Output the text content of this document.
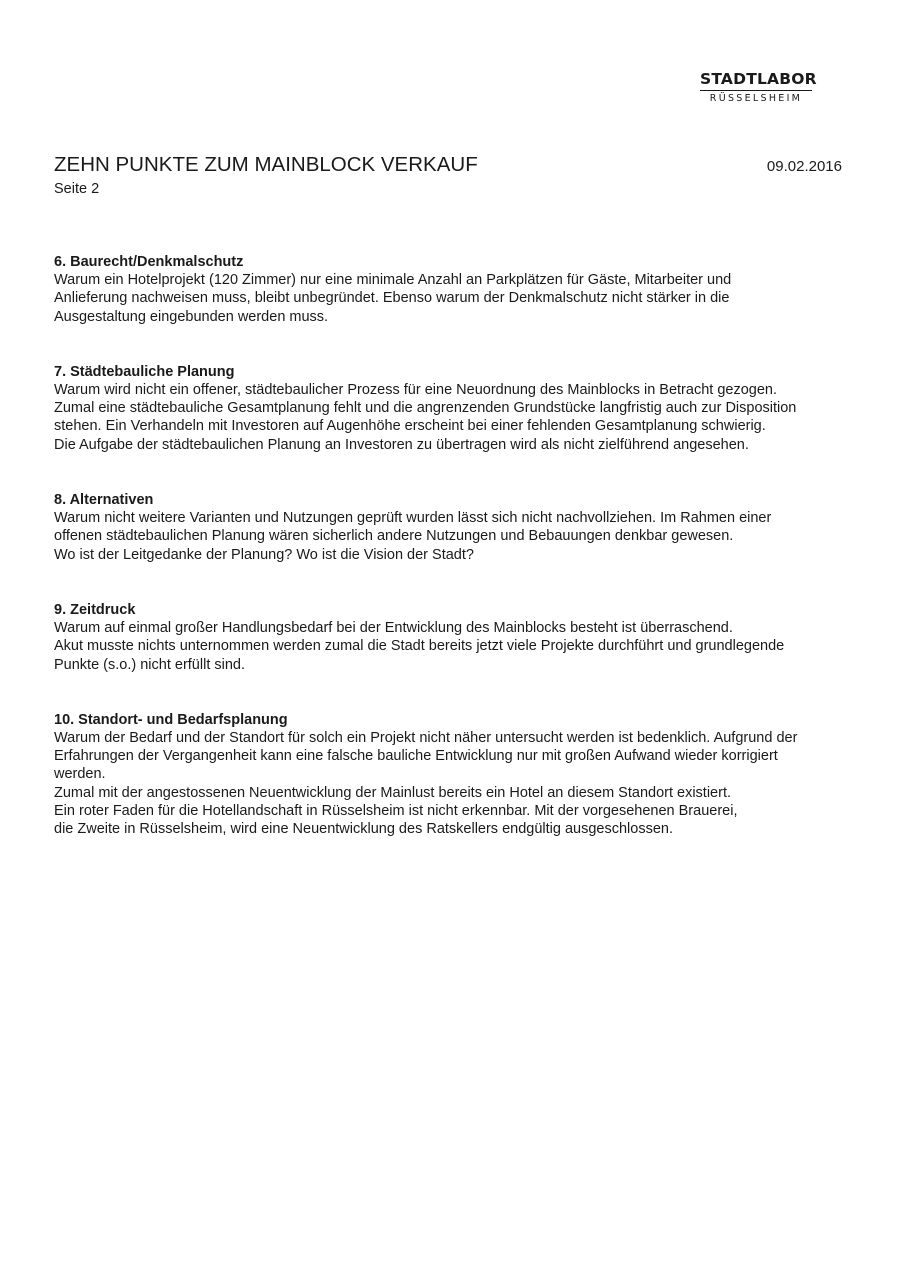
STADTLABOR
RÜSSELSHEIM
ZEHN PUNKTE ZUM MAINBLOCK VERKAUF	09.02.2016
Seite 2
6. Baurecht/Denkmalschutz
Warum ein Hotelprojekt (120 Zimmer) nur eine minimale Anzahl an Parkplätzen für Gäste, Mitarbeiter und
Anlieferung nachweisen muss, bleibt unbegründet. Ebenso warum der Denkmalschutz nicht stärker in die
Ausgestaltung eingebunden werden muss.
7. Städtebauliche Planung
Warum wird nicht ein offener, städtebaulicher Prozess für eine Neuordnung des Mainblocks in Betracht gezogen.
Zumal eine städtebauliche Gesamtplanung fehlt und die angrenzenden Grundstücke langfristig auch zur Disposition
stehen. Ein Verhandeln mit Investoren auf Augenhöhe erscheint bei einer fehlenden Gesamtplanung schwierig.
Die Aufgabe der städtebaulichen Planung an Investoren zu übertragen wird als nicht zielführend angesehen.
8. Alternativen
Warum nicht weitere Varianten und Nutzungen geprüft wurden lässt sich nicht nachvollziehen. Im Rahmen einer
offenen städtebaulichen Planung wären sicherlich andere Nutzungen und Bebauungen denkbar gewesen.
Wo ist der Leitgedanke der Planung? Wo ist die Vision der Stadt?
9. Zeitdruck
Warum auf einmal großer Handlungsbedarf bei der Entwicklung des Mainblocks besteht ist überraschend.
Akut musste nichts unternommen werden zumal die Stadt bereits jetzt viele Projekte durchführt und grundlegende
Punkte (s.o.) nicht erfüllt sind.
10. Standort- und Bedarfsplanung
Warum der Bedarf und der Standort für solch ein Projekt nicht näher untersucht werden ist bedenklich. Aufgrund der
Erfahrungen der Vergangenheit kann eine falsche bauliche Entwicklung nur mit großen Aufwand wieder korrigiert
werden.
Zumal mit der angestossenen Neuentwicklung der Mainlust bereits ein Hotel an diesem Standort existiert.
Ein roter Faden für die Hotellandschaft in Rüsselsheim ist nicht erkennbar. Mit der vorgesehenen Brauerei,
die Zweite in Rüsselsheim, wird eine Neuentwicklung des Ratskellers endgültig ausgeschlossen.
